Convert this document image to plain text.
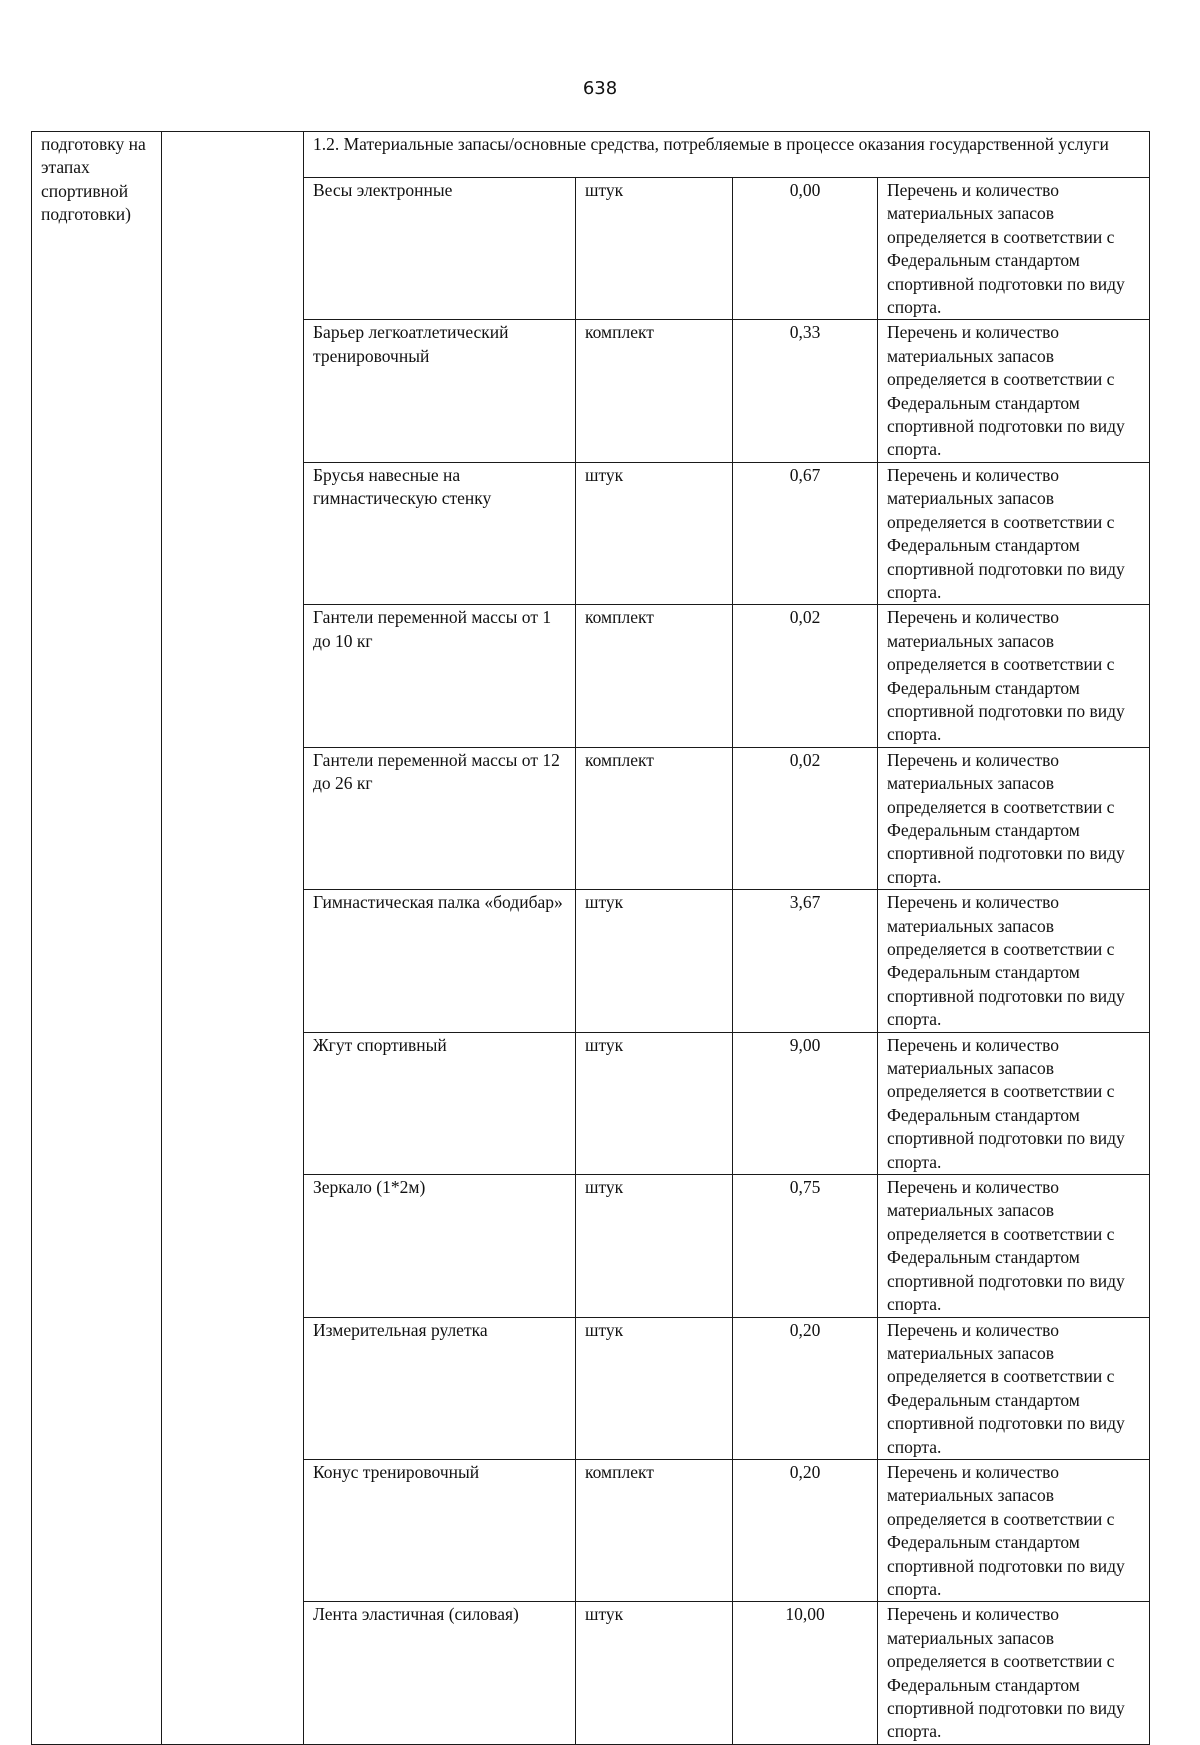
638
подготовку на этапах спортивной подготовки)		1.2. Материальные запасы/основные средства, потребляемые в процессе оказания государственной услуги			
		Весы электронные	штук	0,00	Перечень и количество материальных запасов определяется в соответствии с Федеральным стандартом спортивной подготовки по виду спорта.

		Барьер легкоатлетический тренировочный	комплект	0,33	Перечень и количество материальных запасов определяется в соответствии с Федеральным стандартом спортивной подготовки по виду спорта.

		Брусья навесные на гимнастическую стенку	штук	0,67	Перечень и количество материальных запасов определяется в соответствии с Федеральным стандартом спортивной подготовки по виду спорта.

		Гантели переменной массы от 1 до 10 кг	комплект	0,02	Перечень и количество материальных запасов определяется в соответствии с Федеральным стандартом спортивной подготовки по виду спорта.

		Гантели переменной массы от 12 до 26 кг	комплект	0,02	Перечень и количество материальных запасов определяется в соответствии с Федеральным стандартом спортивной подготовки по виду спорта.

		Гимнастическая палка «бодибар»	штук	3,67	Перечень и количество материальных запасов определяется в соответствии с Федеральным стандартом спортивной подготовки по виду спорта.

		Жгут спортивный	штук	9,00	Перечень и количество материальных запасов определяется в соответствии с Федеральным стандартом спортивной подготовки по виду спорта.

		Зеркало (1*2м)	штук	0,75	Перечень и количество материальных запасов определяется в соответствии с Федеральным стандартом спортивной подготовки по виду спорта.

		Измерительная рулетка	штук	0,20	Перечень и количество материальных запасов определяется в соответствии с Федеральным стандартом спортивной подготовки по виду спорта.

		Конус тренировочный	комплект	0,20	Перечень и количество материальных запасов определяется в соответствии с Федеральным стандартом спортивной подготовки по виду спорта.

		Лента эластичная (силовая)	штук	10,00	Перечень и количество материальных запасов определяется в соответствии с Федеральным стандартом спортивной подготовки по виду спорта.
